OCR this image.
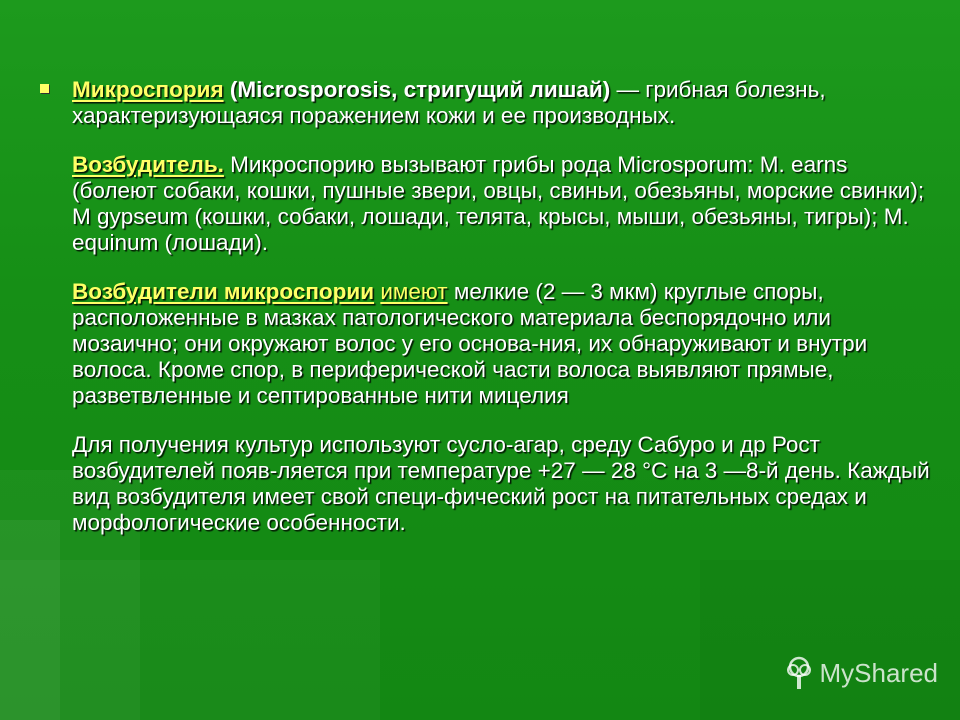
Микроспория (Microsporosis, стригущий лишай) — грибная болезнь, характеризующаяся поражением кожи и ее производных.

Возбудитель. Микроспорию вызывают грибы рода Microsporum: M. earns (болеют собаки, кошки, пушные звери, овцы, свиньи, обезьяны, морские свинки); M gypseum (кошки, собаки, лошади, телята, крысы, мыши, обезьяны, тигры); M. equinum (лошади).

Возбудители микроспории имеют мелкие (2 — 3 мкм) круглые споры, расположенные в мазках патологического материала беспорядочно или мозаично; они окружают волос у его основа-ния, их обнаруживают и внутри волоса. Кроме спор, в периферической части волоса выявляют прямые, разветвленные и септированные нити мицелия

Для получения культур используют сусло-агар, среду Сабуро и др Рост возбудителей появ-ляется при температуре +27 — 28 °С на 3 —8-й день. Каждый вид возбудителя имеет свой специ-фический рост на питательных средах и морфологические особенности.

MyShared
